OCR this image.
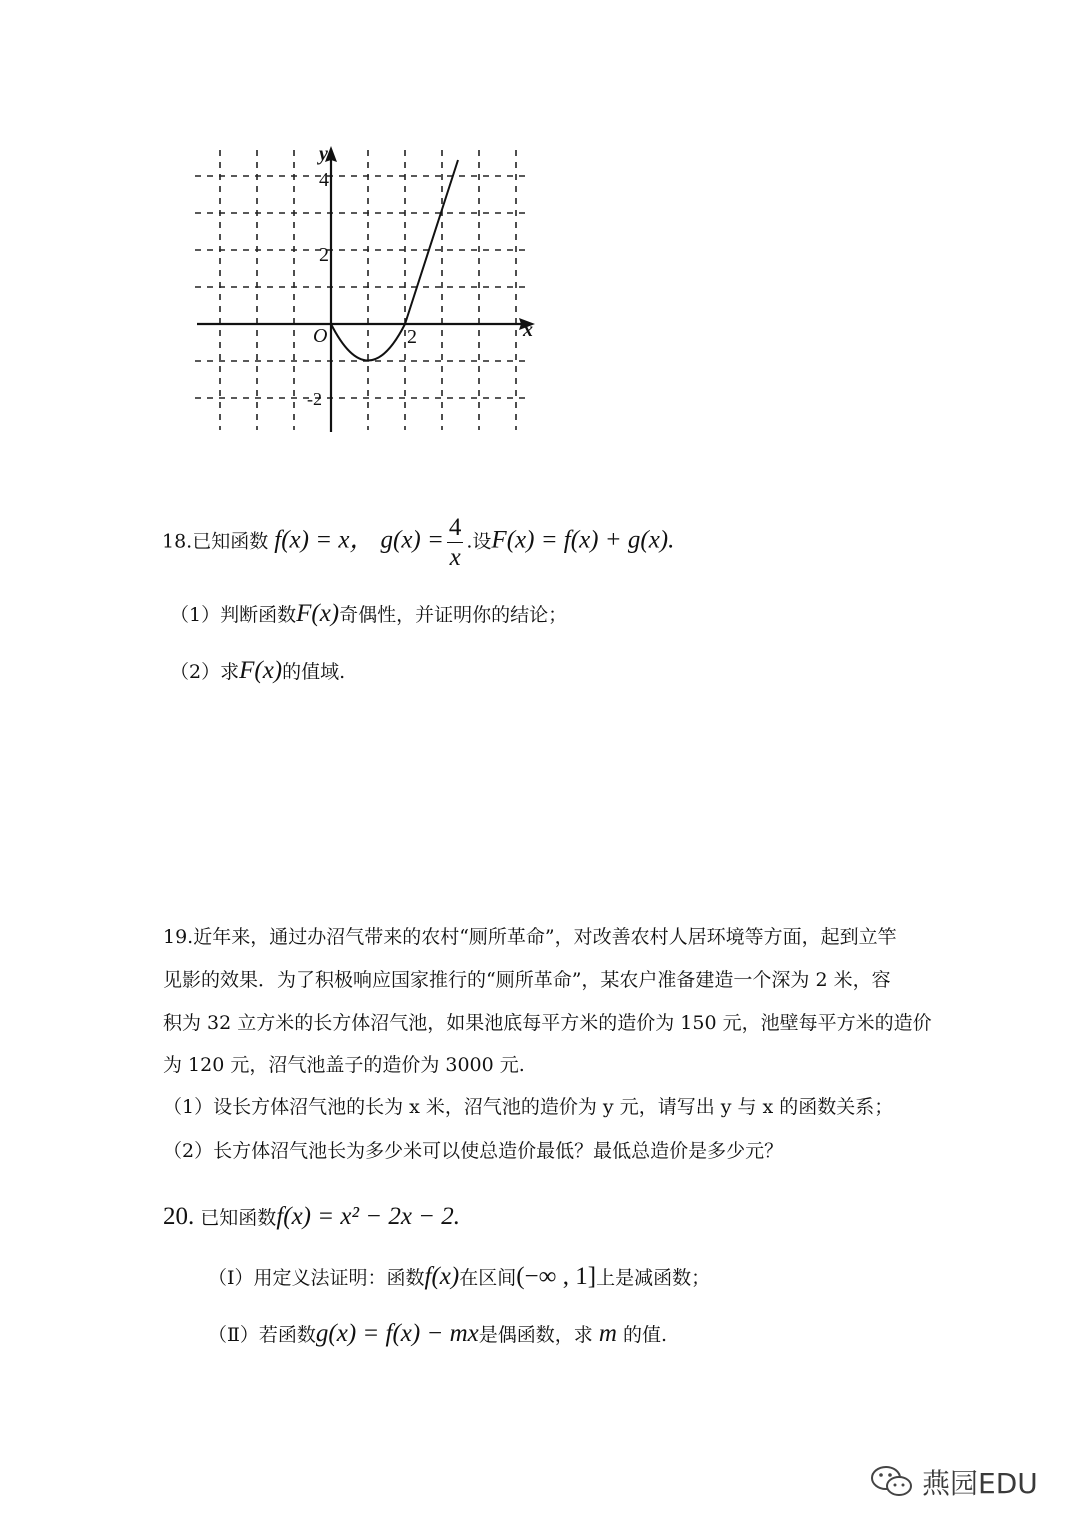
y
x
O
4
2
2
-2
18.已知函数 f(x) = x， $g(x) = \frac{4}{x}$ .设F(x) = f(x) + g(x).
（1）判断函数F(x)奇偶性，并证明你的结论；
（2）求F(x)的值域.
19.近年来，通过办沼气带来的农村“厕所革命”，对改善农村人居环境等方面，起到立竿
见影的效果．为了积极响应国家推行的“厕所革命”，某农户准备建造一个深为 2 米，容
积为 32 立方米的长方体沼气池，如果池底每平方米的造价为 150 元，池壁每平方米的造价
为 120 元，沼气池盖子的造价为 3000 元.
（1）设长方体沼气池的长为 x 米，沼气池的造价为 y 元，请写出 y 与 x 的函数关系；
（2）长方体沼气池长为多少米可以使总造价最低？最低总造价是多少元？
20. 已知函数f(x) = x² − 2x − 2.
（Ⅰ）用定义法证明：函数f(x)在区间(−∞ , 1]上是减函数；
（Ⅱ）若函数g(x) = f(x) − mx是偶函数，求 m 的值.
燕园EDU
